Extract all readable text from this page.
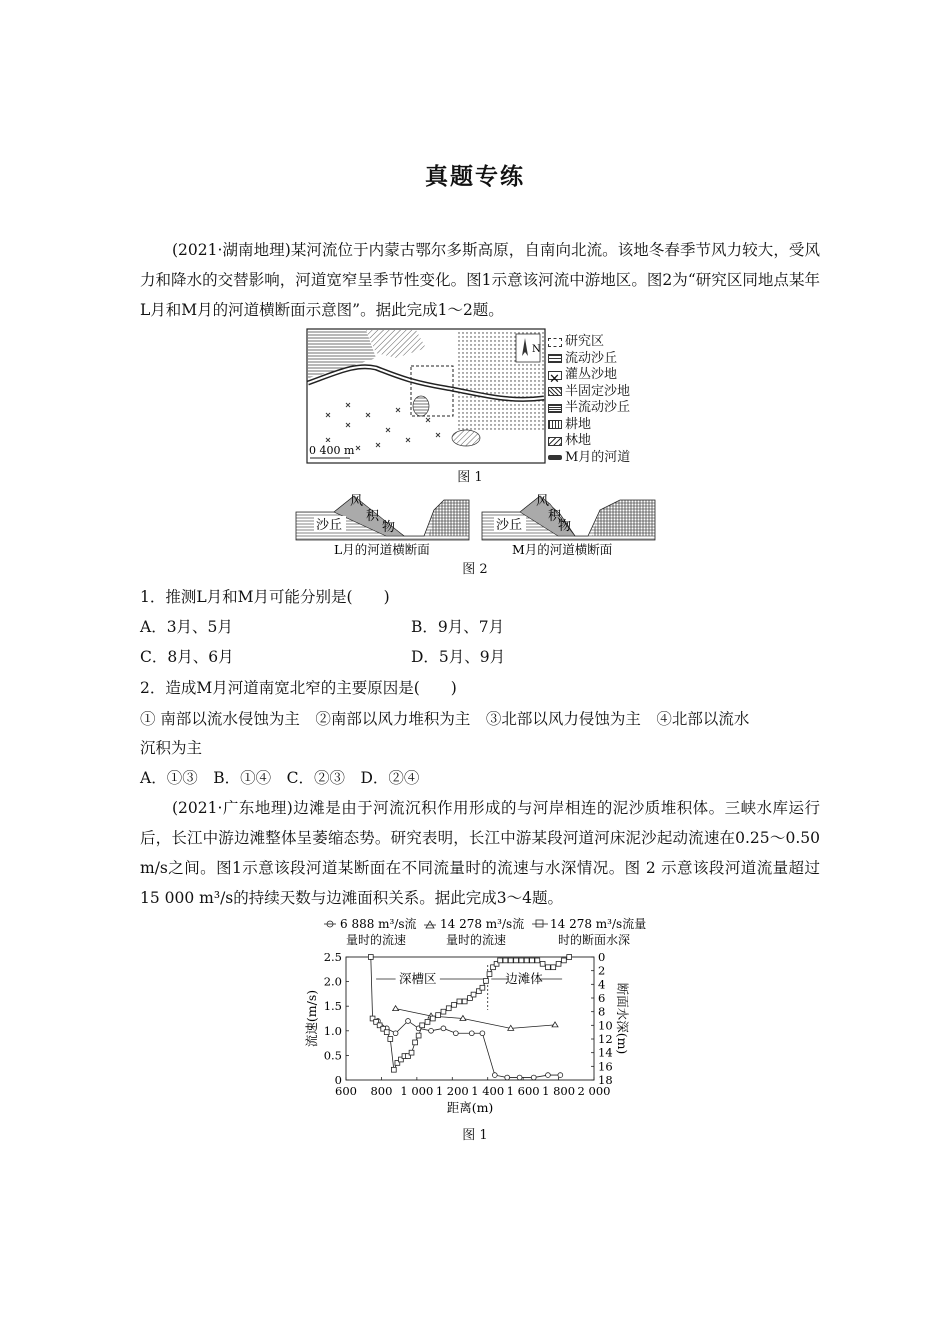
真题专练
(2021·湖南地理)某河流位于内蒙古鄂尔多斯高原，自南向北流。该地冬春季节风力较大，受风力和降水的交替影响，河道宽窄呈季节性变化。图1示意该河流中游地区。图2为“研究区同地点某年L月和M月的河道横断面示意图”。据此完成1～2题。
N
0 400 m
研究区
流动沙丘
✕ 灌丛沙地
半固定沙地
半流动沙丘
耕地
林地
M月的河道
图 1
沙丘
风
积
物	沙丘
风
积
物
L月的河道横断面	M月的河道横断面
图 2
1．推测L月和M月可能分别是(　　)
A．3月、5月	B．9月、7月
C．8月、6月	D．5月、9月
2．造成M月河道南宽北窄的主要原因是(　　)
① 南部以流水侵蚀为主　②南部以风力堆积为主　③北部以风力侵蚀为主　④北部以流水
沉积为主
A．①③　B．①④　C．②③　D．②④
(2021·广东地理)边滩是由于河流沉积作用形成的与河岸相连的泥沙质堆积体。三峡水库运行后，长江中游边滩整体呈萎缩态势。研究表明，长江中游某段河道河床泥沙起动流速在0.25～0.50 m/s之间。图1示意该段河道某断面在不同流量时的流速与水深情况。图 2 示意该段河道流量超过15 000 m³/s的持续天数与边滩面积关系。据此完成3～4题。
6 888 m³/s流
量时的流速
14 278 m³/s流
量时的流速
14 278 m³/s流量
时的断面水深
600 800 1 000 1 200 1 400 1 600 1 800 2 000
0
0.5
1.0
1.5
2.0
2.5	0
2
4
6
8
10
12
14
16
18
距离(m)
流速(m/s)	断面水深(m)
深槽区	边滩体
图 1
